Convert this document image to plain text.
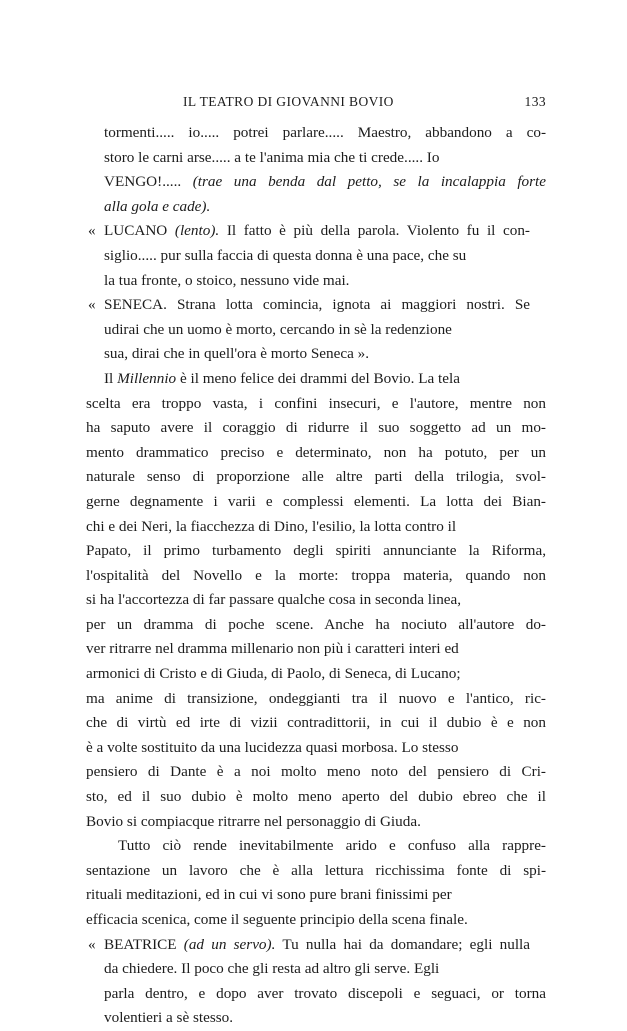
IL TEATRO DI GIOVANNI BOVIO	133
tormenti..... io..... potrei parlare..... Maestro, abbandono a co-
storo le carni arse..... a te l'anima mia che ti crede..... Io
VENGO!..... (trae una benda dal petto, se la incalappia forte
alla gola e cade).
« LUCANO (lento). Il fatto è più della parola. Violento fu il con-
siglio..... pur sulla faccia di questa donna è una pace, che su
la tua fronte, o stoico, nessuno vide mai.
« SENECA. Strana lotta comincia, ignota ai maggiori nostri. Se
udirai che un uomo è morto, cercando in sè la redenzione
sua, dirai che in quell'ora è morto Seneca ».
Il Millennio è il meno felice dei drammi del Bovio. La tela
scelta era troppo vasta, i confini insecuri, e l'autore, mentre non
ha saputo avere il coraggio di ridurre il suo soggetto ad un mo-
mento drammatico preciso e determinato, non ha potuto, per un
naturale senso di proporzione alle altre parti della trilogia, svol-
gerne degnamente i varii e complessi elementi. La lotta dei Bian-
chi e dei Neri, la fiacchezza di Dino, l'esilio, la lotta contro il
Papato, il primo turbamento degli spiriti annunciante la Riforma,
l'ospitalità del Novello e la morte: troppa materia, quando non
si ha l'accortezza di far passare qualche cosa in seconda linea,
per un dramma di poche scene. Anche ha nociuto all'autore do-
ver ritrarre nel dramma millenario non più i caratteri interi ed
armonici di Cristo e di Giuda, di Paolo, di Seneca, di Lucano;
ma anime di transizione, ondeggianti tra il nuovo e l'antico, ric-
che di virtù ed irte di vizii contradittorii, in cui il dubio è e non
è a volte sostituito da una lucidezza quasi morbosa. Lo stesso
pensiero di Dante è a noi molto meno noto del pensiero di Cri-
sto, ed il suo dubio è molto meno aperto del dubio ebreo che il
Bovio si compiacque ritrarre nel personaggio di Giuda.
Tutto ciò rende inevitabilmente arido e confuso alla rappre-
sentazione un lavoro che è alla lettura ricchissima fonte di spi-
rituali meditazioni, ed in cui vi sono pure brani finissimi per
efficacia scenica, come il seguente principio della scena finale.
« BEATRICE (ad un servo). Tu nulla hai da domandare; egli nulla
da chiedere. Il poco che gli resta ad altro gli serve. Egli
parla dentro, e dopo aver trovato discepoli e seguaci, or torna
volentieri a sè stesso.
